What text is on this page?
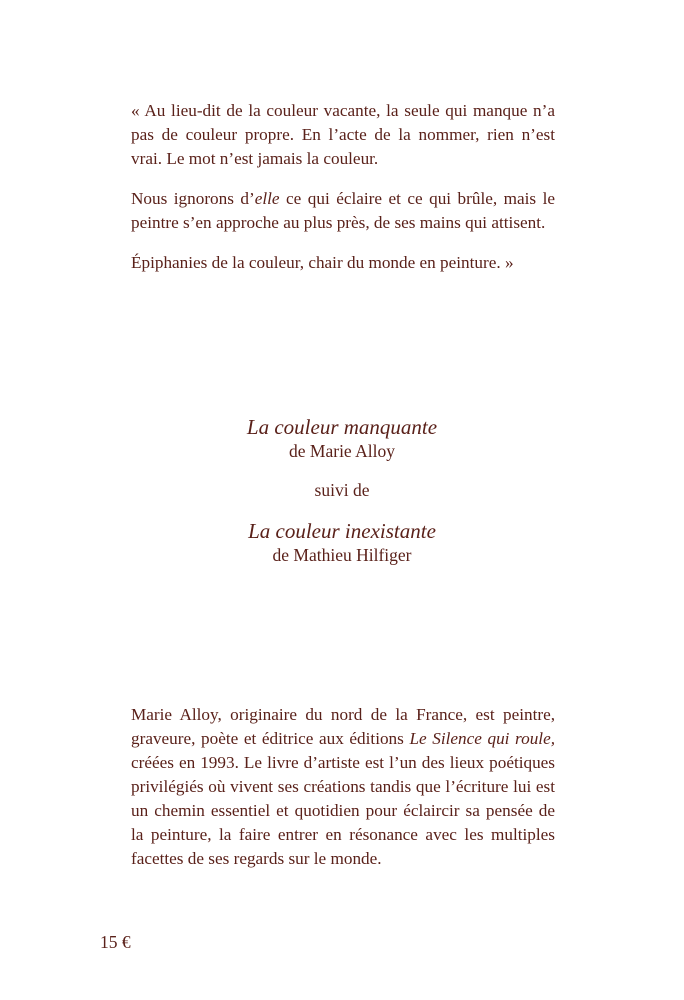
« Au lieu-dit de la couleur vacante, la seule qui manque n’a pas de couleur propre. En l’acte de la nommer, rien n’est vrai. Le mot n’est jamais la couleur.

Nous ignorons d’elle ce qui éclaire et ce qui brûle, mais le peintre s’en approche au plus près, de ses mains qui attisent.

Épiphanies de la couleur, chair du monde en peinture. »

La couleur manquante
de Marie Alloy
suivi de
La couleur inexistante
de Mathieu Hilfiger

Marie Alloy, originaire du nord de la France, est peintre, graveure, poète et éditrice aux éditions Le Silence qui roule, créées en 1993. Le livre d’artiste est l’un des lieux poétiques privilégiés où vivent ses créations tandis que l’écriture lui est un chemin essentiel et quotidien pour éclaircir sa pensée de la peinture, la faire entrer en résonance avec les multiples facettes de ses regards sur le monde.

15 €
